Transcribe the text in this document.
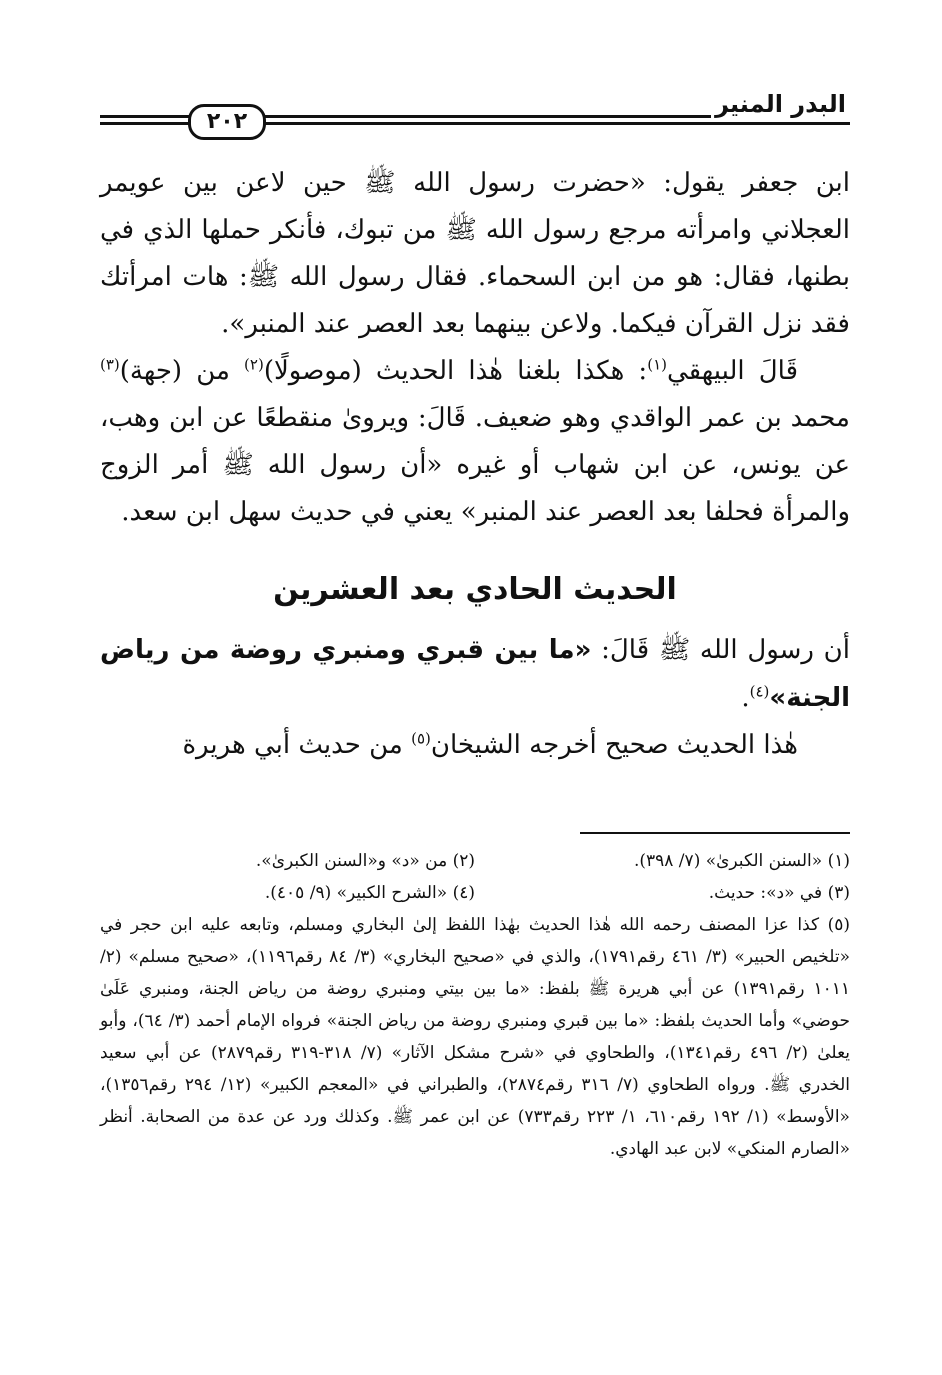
البدر المنير
٢٠٢

ابن جعفر يقول: «حضرت رسول الله ﷺ حين لاعن بين عويمر العجلاني وامرأته مرجع رسول الله ﷺ من تبوك، فأنكر حملها الذي في بطنها، فقال: هو من ابن السحماء. فقال رسول الله ﷺ: هات امرأتك فقد نزل القرآن فيكما. ولاعن بينهما بعد العصر عند المنبر».

قَالَ البيهقي$^{(١)}$: هكذا بلغنا هٰذا الحديث (موصولًا)$^{(٢)}$ من (جهة)$^{(٣)}$ محمد بن عمر الواقدي وهو ضعيف. قَالَ: ويروىٰ منقطعًا عن ابن وهب، عن يونس، عن ابن شهاب أو غيره «أن رسول الله ﷺ أمر الزوج والمرأة فحلفا بعد العصر عند المنبر» يعني في حديث سهل ابن سعد.

الحديث الحادي بعد العشرين

أن رسول الله ﷺ قَالَ: «ما بين قبري ومنبري روضة من رياض الجنة»$^{(٤)}$.

هٰذا الحديث صحيح أخرجه الشيخان$^{(٥)}$ من حديث أبي هريرة

(١) «السنن الكبرىٰ» (٧/ ٣٩٨).
(٢) من «د» و«السنن الكبرىٰ».
(٣) في «د»: حديث.
(٤) «الشرح الكبير» (٩/ ٤٠٥).

(٥) كذا عزا المصنف رحمه الله هٰذا الحديث بهٰذا اللفظ إلىٰ البخاري ومسلم، وتابعه عليه ابن حجر في «تلخيص الحبير» (٣/ ٤٦١ رقم١٧٩١)، والذي في «صحيح البخاري» (٣/ ٨٤ رقم١١٩٦)، «صحيح مسلم» (٢/ ١٠١١ رقم١٣٩١) عن أبي هريرة ﷺ بلفظ: «ما بين بيتي ومنبري روضة من رياض الجنة، ومنبري عَلَىٰ حوضي» وأما الحديث بلفظ: «ما بين قبري ومنبري روضة من رياض الجنة» فرواه الإمام أحمد (٣/ ٦٤)، وأبو يعلىٰ (٢/ ٤٩٦ رقم١٣٤١)، والطحاوي في «شرح مشكل الآثار» (٧/ ٣١٨-٣١٩ رقم٢٨٧٩) عن أبي سعيد الخدري ﷺ. ورواه الطحاوي (٧/ ٣١٦ رقم٢٨٧٤)، والطبراني في «المعجم الكبير» (١٢/ ٢٩٤ رقم١٣٥٦)، «الأوسط» (١/ ١٩٢ رقم٦١٠، ١/ ٢٢٣ رقم٧٣٣) عن ابن عمر ﷺ. وكذلك ورد عن عدة من الصحابة. أنظر «الصارم المنكي» لابن عبد الهادي.
